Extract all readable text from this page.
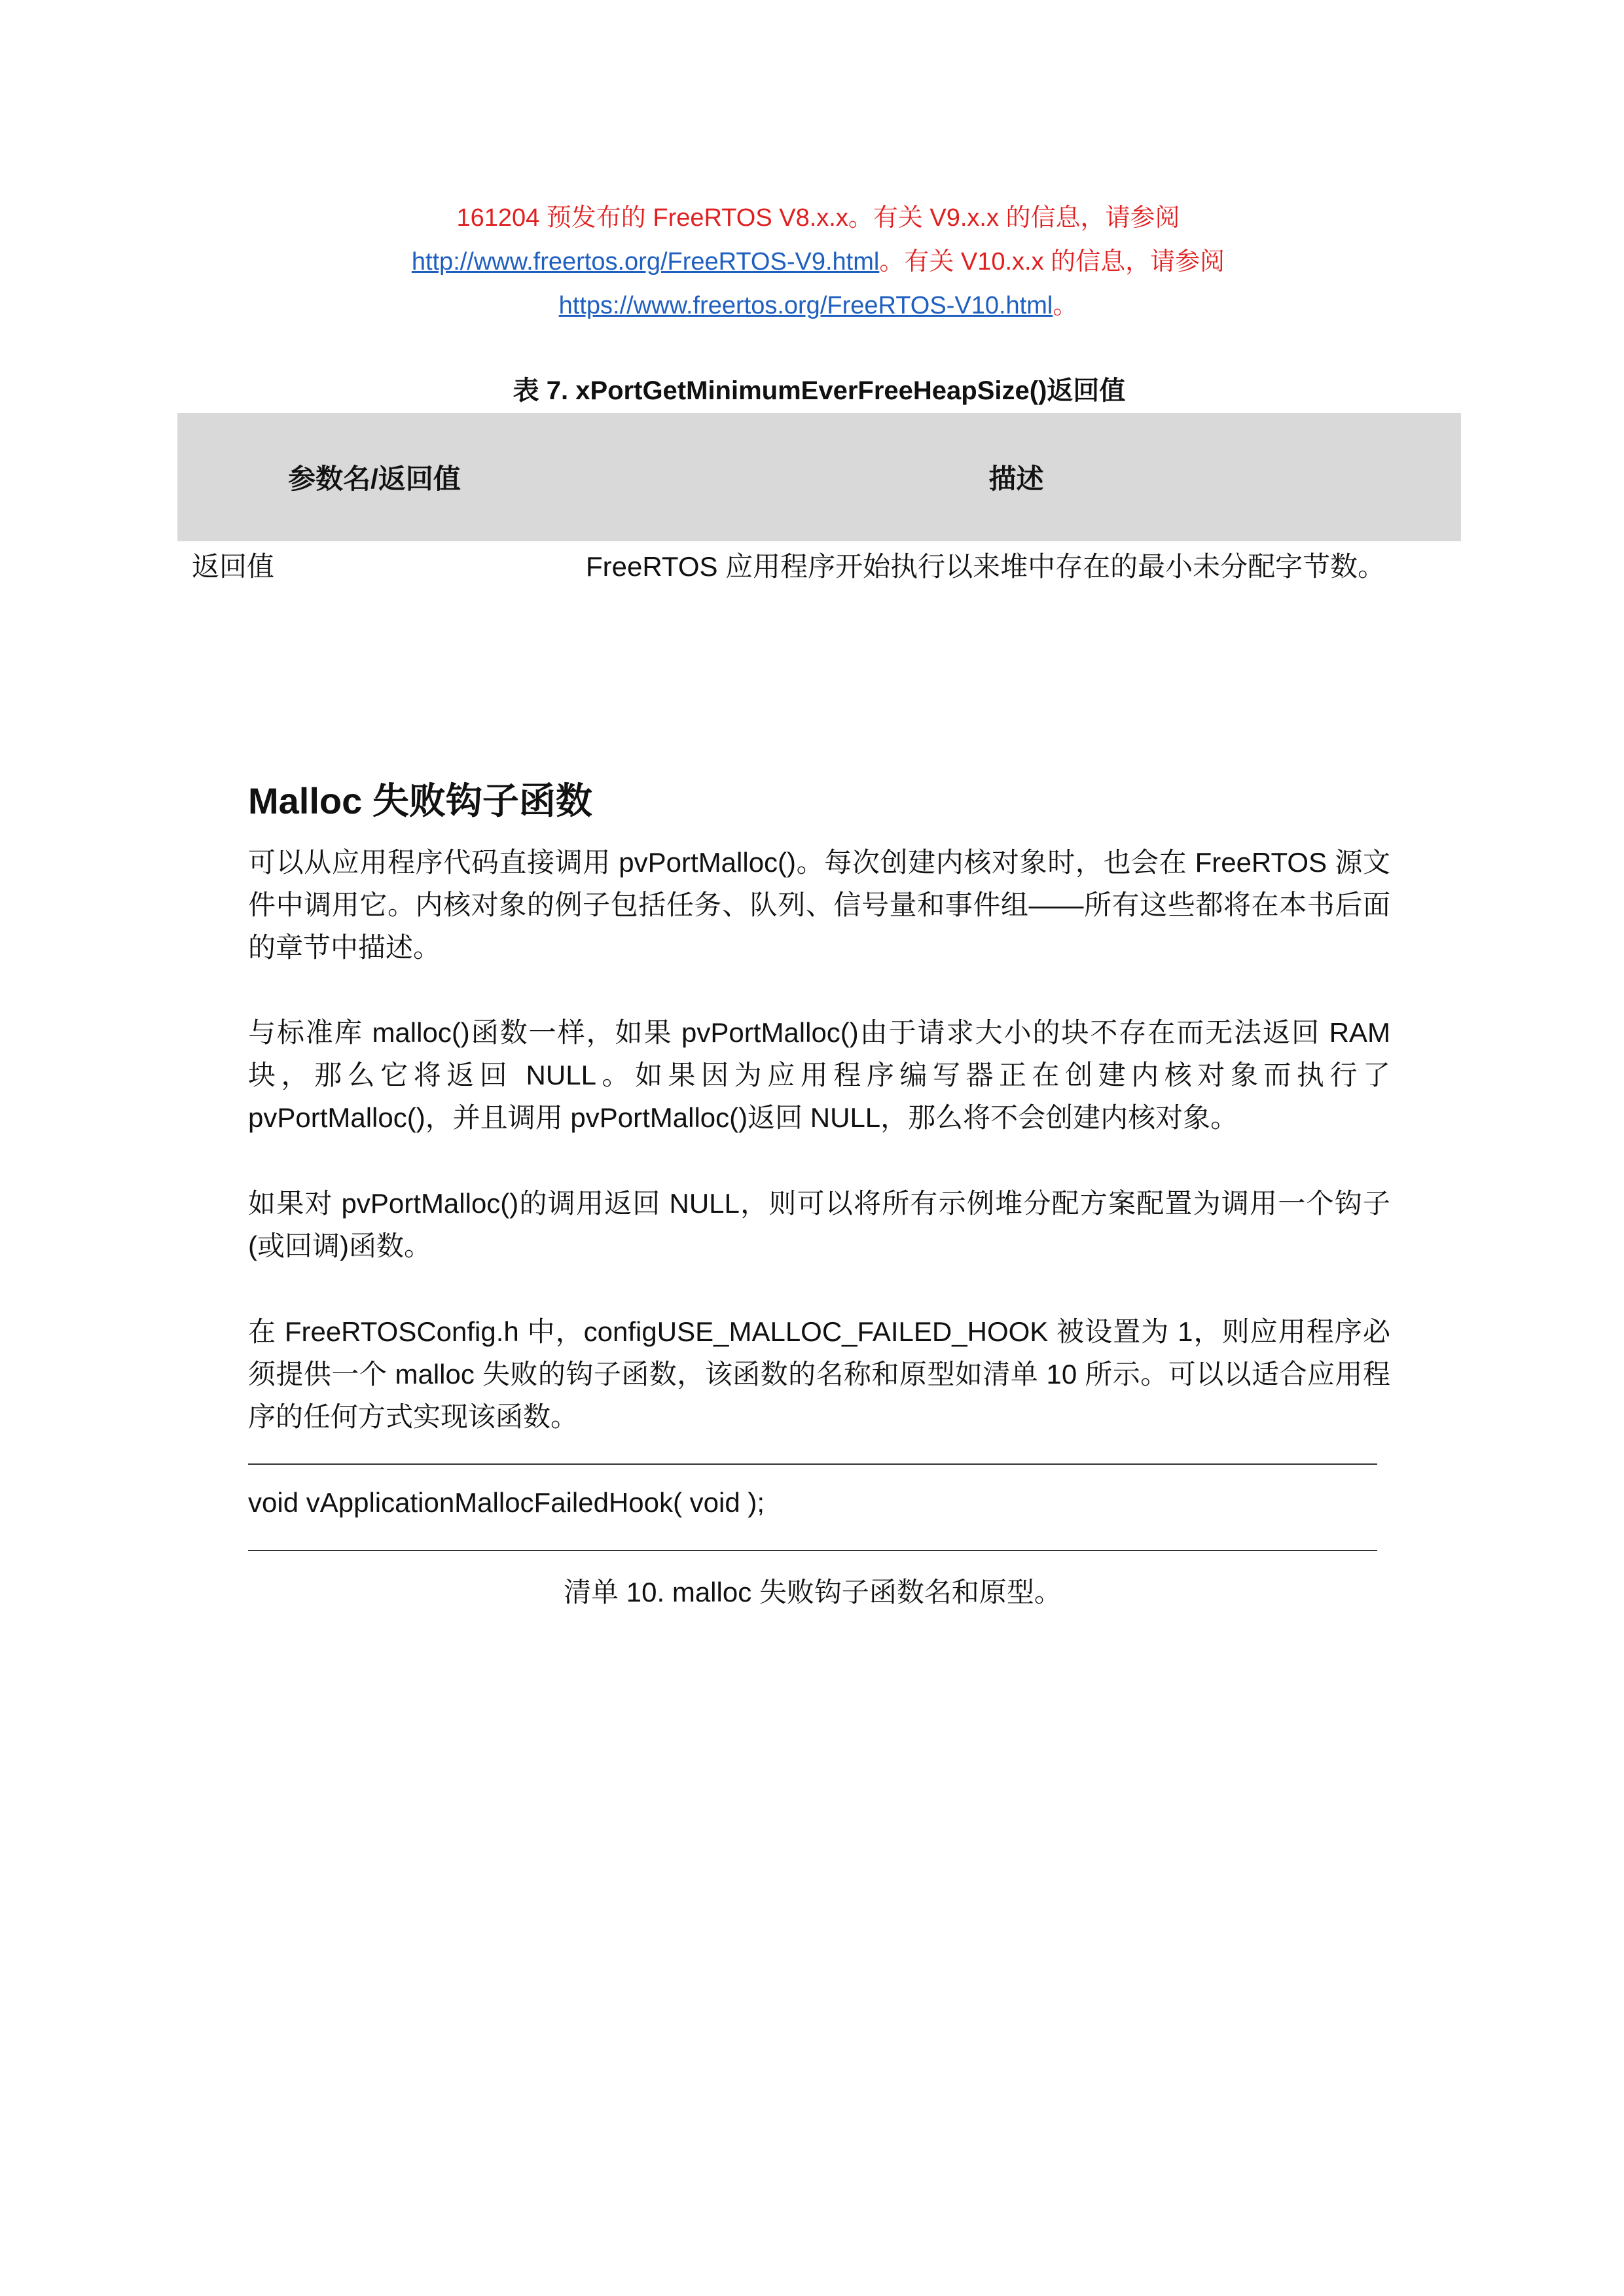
161204 预发布的 FreeRTOS V8.x.x。有关 V9.x.x 的信息，请参阅 http://www.freertos.org/FreeRTOS-V9.html。有关 V10.x.x 的信息，请参阅 https://www.freertos.org/FreeRTOS-V10.html。
表 7. xPortGetMinimumEverFreeHeapSize()返回值
参数名/返回值	描述
返回值	FreeRTOS 应用程序开始执行以来堆中存在的最小未分配字节数。
Malloc 失败钩子函数
可以从应用程序代码直接调用 pvPortMalloc()。每次创建内核对象时，也会在 FreeRTOS 源文件中调用它。内核对象的例子包括任务、队列、信号量和事件组——所有这些都将在本书后面的章节中描述。
与标准库 malloc()函数一样，如果 pvPortMalloc()由于请求大小的块不存在而无法返回 RAM 块，那么它将返回 NULL。如果因为应用程序编写器正在创建内核对象而执行了 pvPortMalloc()，并且调用 pvPortMalloc()返回 NULL，那么将不会创建内核对象。
如果对 pvPortMalloc()的调用返回 NULL，则可以将所有示例堆分配方案配置为调用一个钩子(或回调)函数。
在 FreeRTOSConfig.h 中，configUSE_MALLOC_FAILED_HOOK 被设置为 1，则应用程序必须提供一个 malloc 失败的钩子函数，该函数的名称和原型如清单 10 所示。可以以适合应用程序的任何方式实现该函数。
void vApplicationMallocFailedHook( void );
清单 10. malloc 失败钩子函数名和原型。
